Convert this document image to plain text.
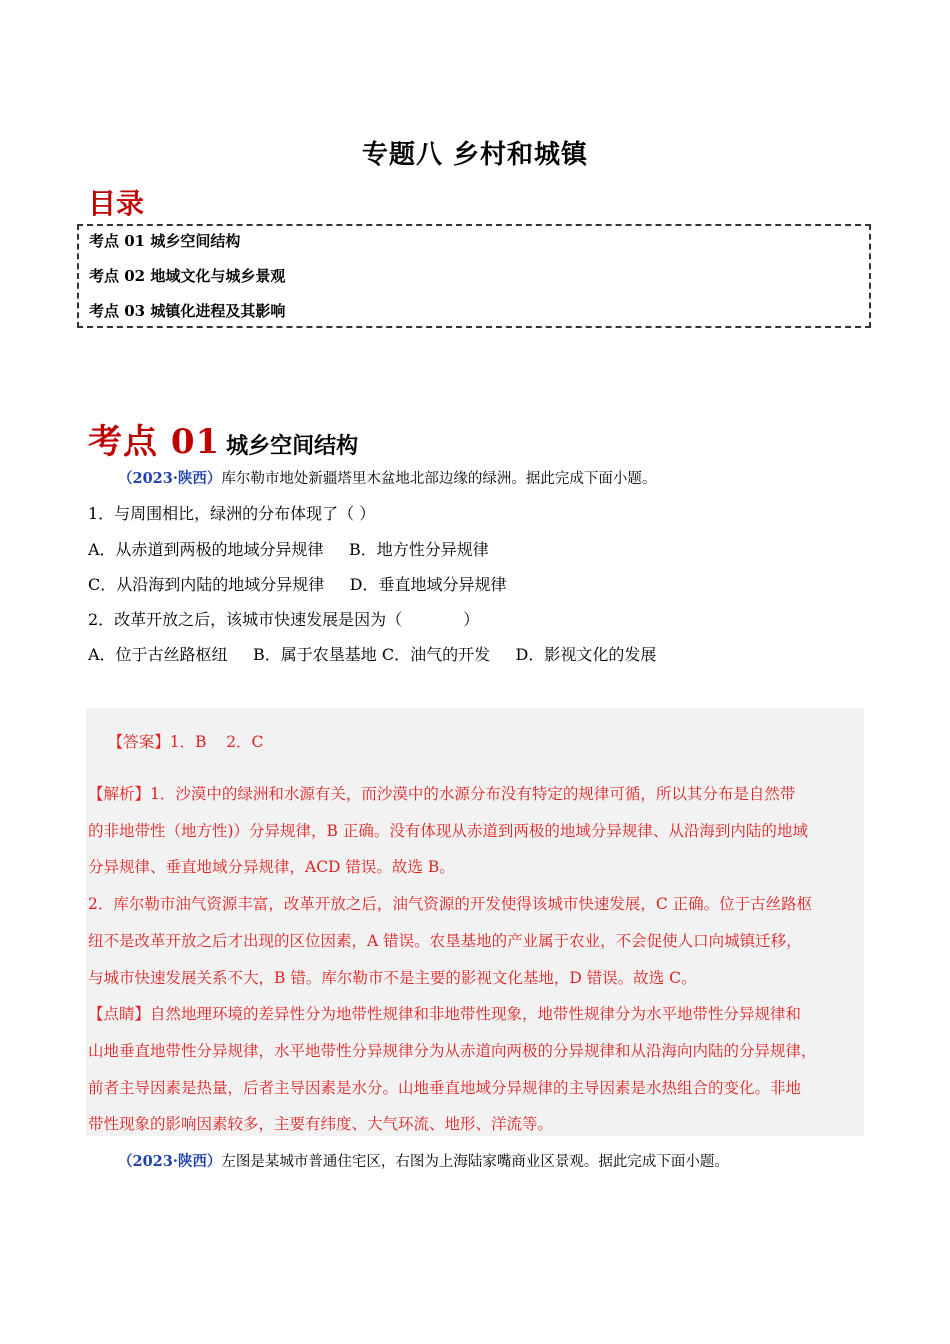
专题八 乡村和城镇
目录
考点 01 城乡空间结构
考点 02 地域文化与城乡景观
考点 03 城镇化进程及其影响
考点 01 城乡空间结构
（2023·陕西）库尔勒市地处新疆塔里木盆地北部边缘的绿洲。据此完成下面小题。
1．与周围相比，绿洲的分布体现了（ ）
A．从赤道到两极的地域分异规律     B．地方性分异规律
C．从沿海到内陆的地域分异规律     D．垂直地域分异规律
2．改革开放之后，该城市快速发展是因为（            ）
A．位于古丝路枢纽     B．属于农垦基地 C．油气的开发     D．影视文化的发展

【答案】1．B    2．C

【解析】1．沙漠中的绿洲和水源有关，而沙漠中的水源分布没有特定的规律可循，所以其分布是自然带
的非地带性（地方性)）分异规律，B 正确。没有体现从赤道到两极的地域分异规律、从沿海到内陆的地域
分异规律、垂直地域分异规律，ACD 错误。故选 B。
2．库尔勒市油气资源丰富，改革开放之后，油气资源的开发使得该城市快速发展，C 正确。位于古丝路枢
纽不是改革开放之后才出现的区位因素，A 错误。农垦基地的产业属于农业，不会促使人口向城镇迁移，
与城市快速发展关系不大，B 错。库尔勒市不是主要的影视文化基地，D 错误。故选 C。
【点睛】自然地理环境的差异性分为地带性规律和非地带性现象，地带性规律分为水平地带性分异规律和
山地垂直地带性分异规律，水平地带性分异规律分为从赤道向两极的分异规律和从沿海向内陆的分异规律，
前者主导因素是热量，后者主导因素是水分。山地垂直地域分异规律的主导因素是水热组合的变化。非地
带性现象的影响因素较多，主要有纬度、大气环流、地形、洋流等。
（2023·陕西）左图是某城市普通住宅区，右图为上海陆家嘴商业区景观。据此完成下面小题。
